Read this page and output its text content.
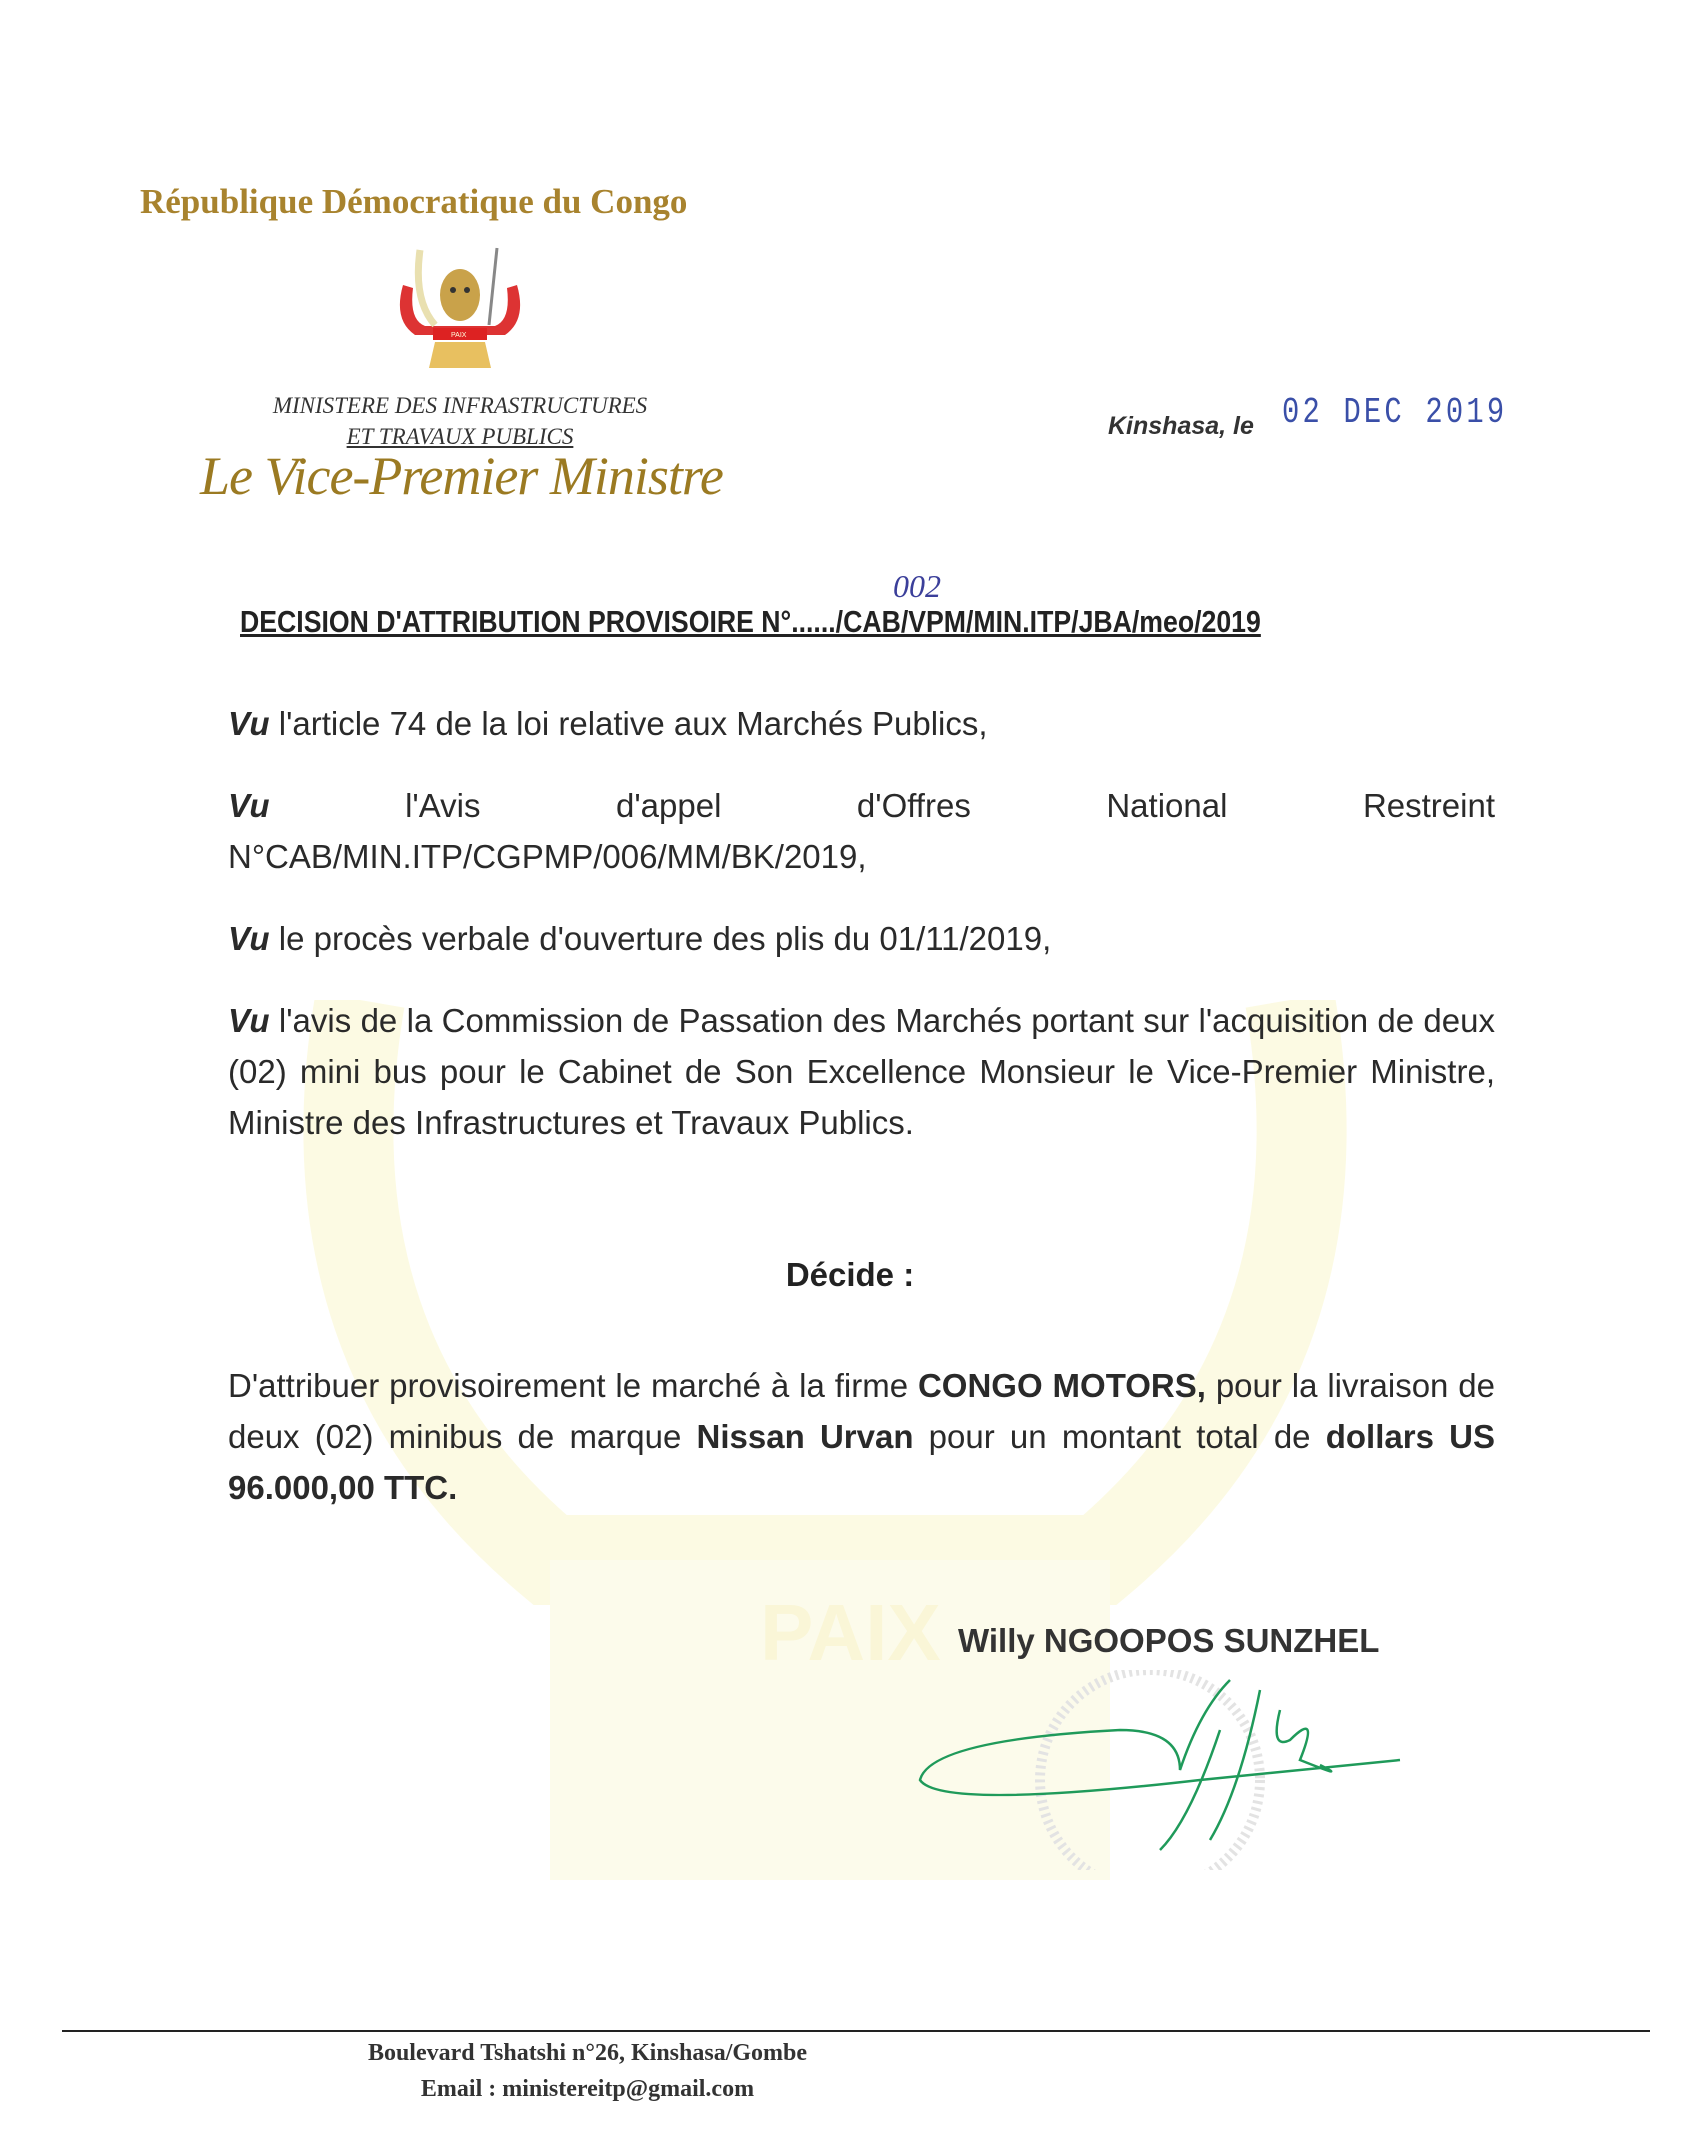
PAIX
République Démocratique du Congo
PAIX
MINISTERE DES INFRASTRUCTURES
ET TRAVAUX PUBLICS
Le Vice-Premier Ministre
Kinshasa, le 02 DEC 2019
002
DECISION D'ATTRIBUTION PROVISOIRE N°....../CAB/VPM/MIN.ITP/JBA/meo/2019
Vu l'article 74 de la loi relative aux Marchés Publics,
Vu l'Avis d'appel d'Offres National Restreint N°CAB/MIN.ITP/CGPMP/006/MM/BK/2019,
Vu le procès verbale d'ouverture des plis du 01/11/2019,
Vu l'avis de la Commission de Passation des Marchés portant sur l'acquisition de deux (02) mini bus pour le Cabinet de Son Excellence Monsieur le Vice-Premier Ministre, Ministre des Infrastructures et Travaux Publics.
Décide :
D'attribuer provisoirement le marché à la firme CONGO MOTORS, pour la livraison de deux (02) minibus de marque Nissan Urvan pour un montant total de dollars US 96.000,00 TTC.
Willy NGOOPOS SUNZHEL
Boulevard Tshatshi n°26, Kinshasa/Gombe
Email : ministereitp@gmail.com
